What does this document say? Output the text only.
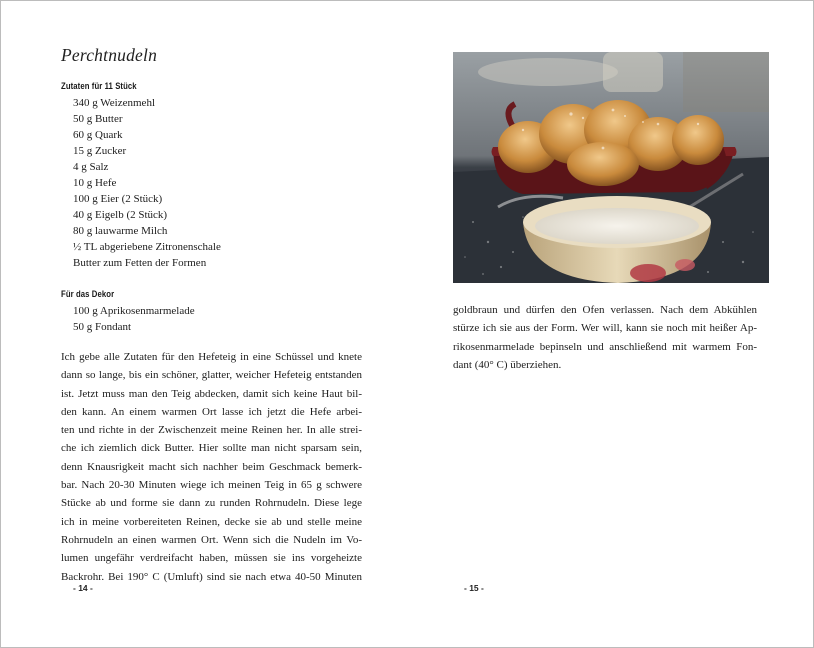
Perchtnudeln
Zutaten für 11 Stück
340 g Weizenmehl
50 g Butter
60 g Quark
15 g Zucker
4 g Salz
10 g Hefe
100 g Eier (2 Stück)
40 g Eigelb (2 Stück)
80 g lauwarme Milch
½ TL abgeriebene Zitronenschale
Butter zum Fetten der Formen
Für das Dekor
100 g Aprikosenmarmelade
50 g Fondant
Ich gebe alle Zutaten für den Hefeteig in eine Schüssel und knete
dann so lange, bis ein schöner, glatter, weicher Hefeteig entstanden
ist. Jetzt muss man den Teig abdecken, damit sich keine Haut bil-
den kann. An einem warmen Ort lasse ich jetzt die Hefe arbei-
ten und richte in der Zwischenzeit meine Reinen her. In alle strei-
che ich ziemlich dick Butter. Hier sollte man nicht sparsam sein,
denn Knausrigkeit macht sich nachher beim Geschmack bemerk-
bar. Nach 20-30 Minuten wiege ich meinen Teig in 65 g schwere
Stücke ab und forme sie dann zu runden Rohrnudeln. Diese lege
ich in meine vorbereiteten Reinen, decke sie ab und stelle meine
Rohrnudeln an einen warmen Ort. Wenn sich die Nudeln im Vo-
lumen ungefähr verdreifacht haben, müssen sie ins vorgeheizte
Backrohr. Bei 190° C (Umluft) sind sie nach etwa 40-50 Minuten
- 14 -
goldbraun und dürfen den Ofen verlassen. Nach dem Abkühlen
stürze ich sie aus der Form. Wer will, kann sie noch mit heißer Ap-
rikosenmarmelade bepinseln und anschließend mit warmem Fon-
dant (40° C) überziehen.
- 15 -
